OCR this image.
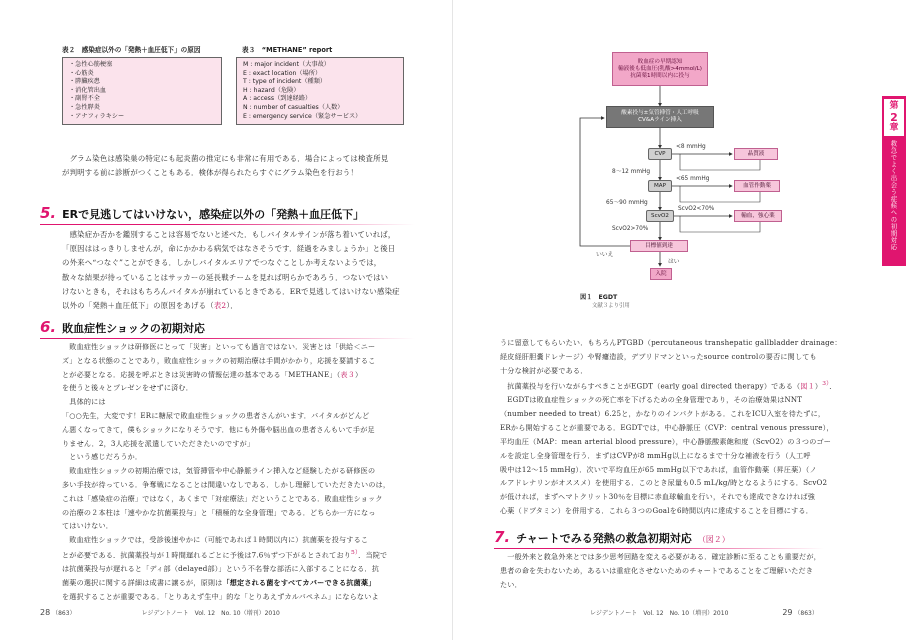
表２　感染症以外の「発熱＋血圧低下」の原因
・急性心筋梗塞
・心筋炎
・膵臓疾患
・消化管出血
・副腎不全
・急性膵炎
・アナフィラキシー
表３　“METHANE” report
M : major incident（大事故）
E : exact location（場所）
T : type of incident（種類）
H : hazard（危険）
A : access（到達経路）
N : number of casualties（人数）
E : emergency service（緊急サービス）
　グラム染色は感染巣の特定にも起炎菌の推定にも非常に有用である．場合によっては検査所見
が判明する前に診断がつくこともある．検体が得られたらすぐにグラム染色を行おう！
5. ERで見逃してはいけない，感染症以外の「発熱＋血圧低下」
　感染症か否かを鑑別することは容易でないと述べた．もしバイタルサインが落ち着いていれば，
「原因ははっきりしませんが，命にかかわる病気ではなさそうです．経過をみましょうか」と後日
の外来へ“つなぐ”ことができる．しかしバイタルエリアでつなぐことしか考えないようでは，
散々な結果が待っていることはサッカーの延長戦チームを見れば明らかであろう．つないではい
けないときも，それはもちろんバイタルが崩れているときである．ERで見逃してはいけない感染症
以外の「発熱＋血圧低下」の原因をあげる（表2）．
6. 敗血症性ショックの初期対応
　敗血症性ショックは研修医にとって「災害」といっても過言ではない．災害とは「供給＜ニー
ズ」となる状態のことであり，敗血症性ショックの初期治療は手間がかかり，応援を要請するこ
とが必要となる．応援を呼ぶときは災害時の情報伝達の基本である「METHANE」（表３）
を使うと後々とプレゼンをせずに済む．
　具体的には
「○○先生，大変です！ERに糖尿で敗血症性ショックの患者さんがいます．バイタルがどんど
ん悪くなってきて，僕もショックになりそうです．他にも外傷や脳出血の患者さんもいて手が足
りません．2，3人応援を派遣していただきたいのですが」
　という感じだろうか．
　敗血症性ショックの初期治療では，気管挿管や中心静脈ライン挿入など経験したがる研修医の
多い手技が待っている．争奪戦になることは間違いなしである．しかし理解していただきたいのは，
これは「感染症の治療」ではなく，あくまで「対症療法」だということである．敗血症性ショック
の治療の２本柱は「速やかな抗菌薬投与」と「積極的な全身管理」である．どちらか一方になっ
てはいけない．
　敗血症性ショックでは，受診後速やかに（可能であれば１時間以内に）抗菌薬を投与するこ
とが必要である．抗菌薬投与が１時間遅れるごとに予後は7.6％ずつ下がるとされており$^{5)}$．当院で
は抗菌薬投与が遅れると「ディ部（delayed部）」という不名誉な部活に入部することになる．抗
菌薬の選択に関する詳細は成書に譲るが，原則は「想定される菌をすべてカバーできる抗菌薬」
を選択することが重要である．「とりあえず生中」的な「とりあえずカルバペネム」にならないよ
28 （863）	レジデントノート　Vol. 12　No. 10（増刊）2010
第
2
章
救急でよく出会う症候への初期対応
敗血症の早期認知
輸液後も低血圧(乳酸>4mmol/L)
抗菌薬1時間以内に投与
酸素投与±気管挿管・人工呼吸
CV&Aライン挿入
CVP
<8 mmHg
晶質液
8〜12 mmHg
MAP
<65 mmHg
血管作動薬
65〜90 mmHg
ScvO2
ScvO2<70%
輸血，強心薬
ScvO2>70%
目標値到達
いいえ
はい
入院
図１　EGDT
文献３より引用
うに留意してもらいたい．もちろんPTGBD（percutaneous transhepatic gallbladder drainage：
経皮経肝胆嚢ドレナージ）や腎瘻造設，デブリドマンといったsource controlの要否に関しても
十分な検討が必要である．
　抗菌薬投与を行いながらすべきことがEGDT（early goal directed therapy）である（図１）$^{3)}$．
　EGDTは敗血症性ショックの死亡率を下げるための全身管理であり，その治療効果はNNT
（number needed to treat）6.25と，かなりのインパクトがある．これをICU入室を待たずに，
ERから開始することが重要である．EGDTでは，中心静脈圧（CVP：central venous pressure），
平均血圧（MAP：mean arterial blood pressure），中心静脈酸素飽和度（ScvO2）の３つのゴー
ルを設定し全身管理を行う．まずはCVPが8 mmHg以上になるまで十分な補液を行う（人工呼
吸中は12〜15 mmHg）．次いで平均血圧が65 mmHg以下であれば，血管作動薬（昇圧薬）（ノ
ルアドレナリンがオススメ）を使用する．このとき尿量も0.5 mL/kg/時となるようにする．ScvO2
が低ければ，まずヘマトクリット30％を目標に赤血球輸血を行い，それでも達成できなければ強
心薬（ドブタミン）を併用する．これら３つのGoalを6時間以内に達成することを目標にする．
7. チャートでみる発熱の救急初期対応 （図２）
　一般外来と救急外来とでは多少思考回路を変える必要がある．確定診断に至ることも重要だが，
患者の命を失わないため，あるいは重症化させないためのチャートであることをご理解いただき
たい．
レジデントノート　Vol. 12　No. 10（増刊）2010	29 （863）
